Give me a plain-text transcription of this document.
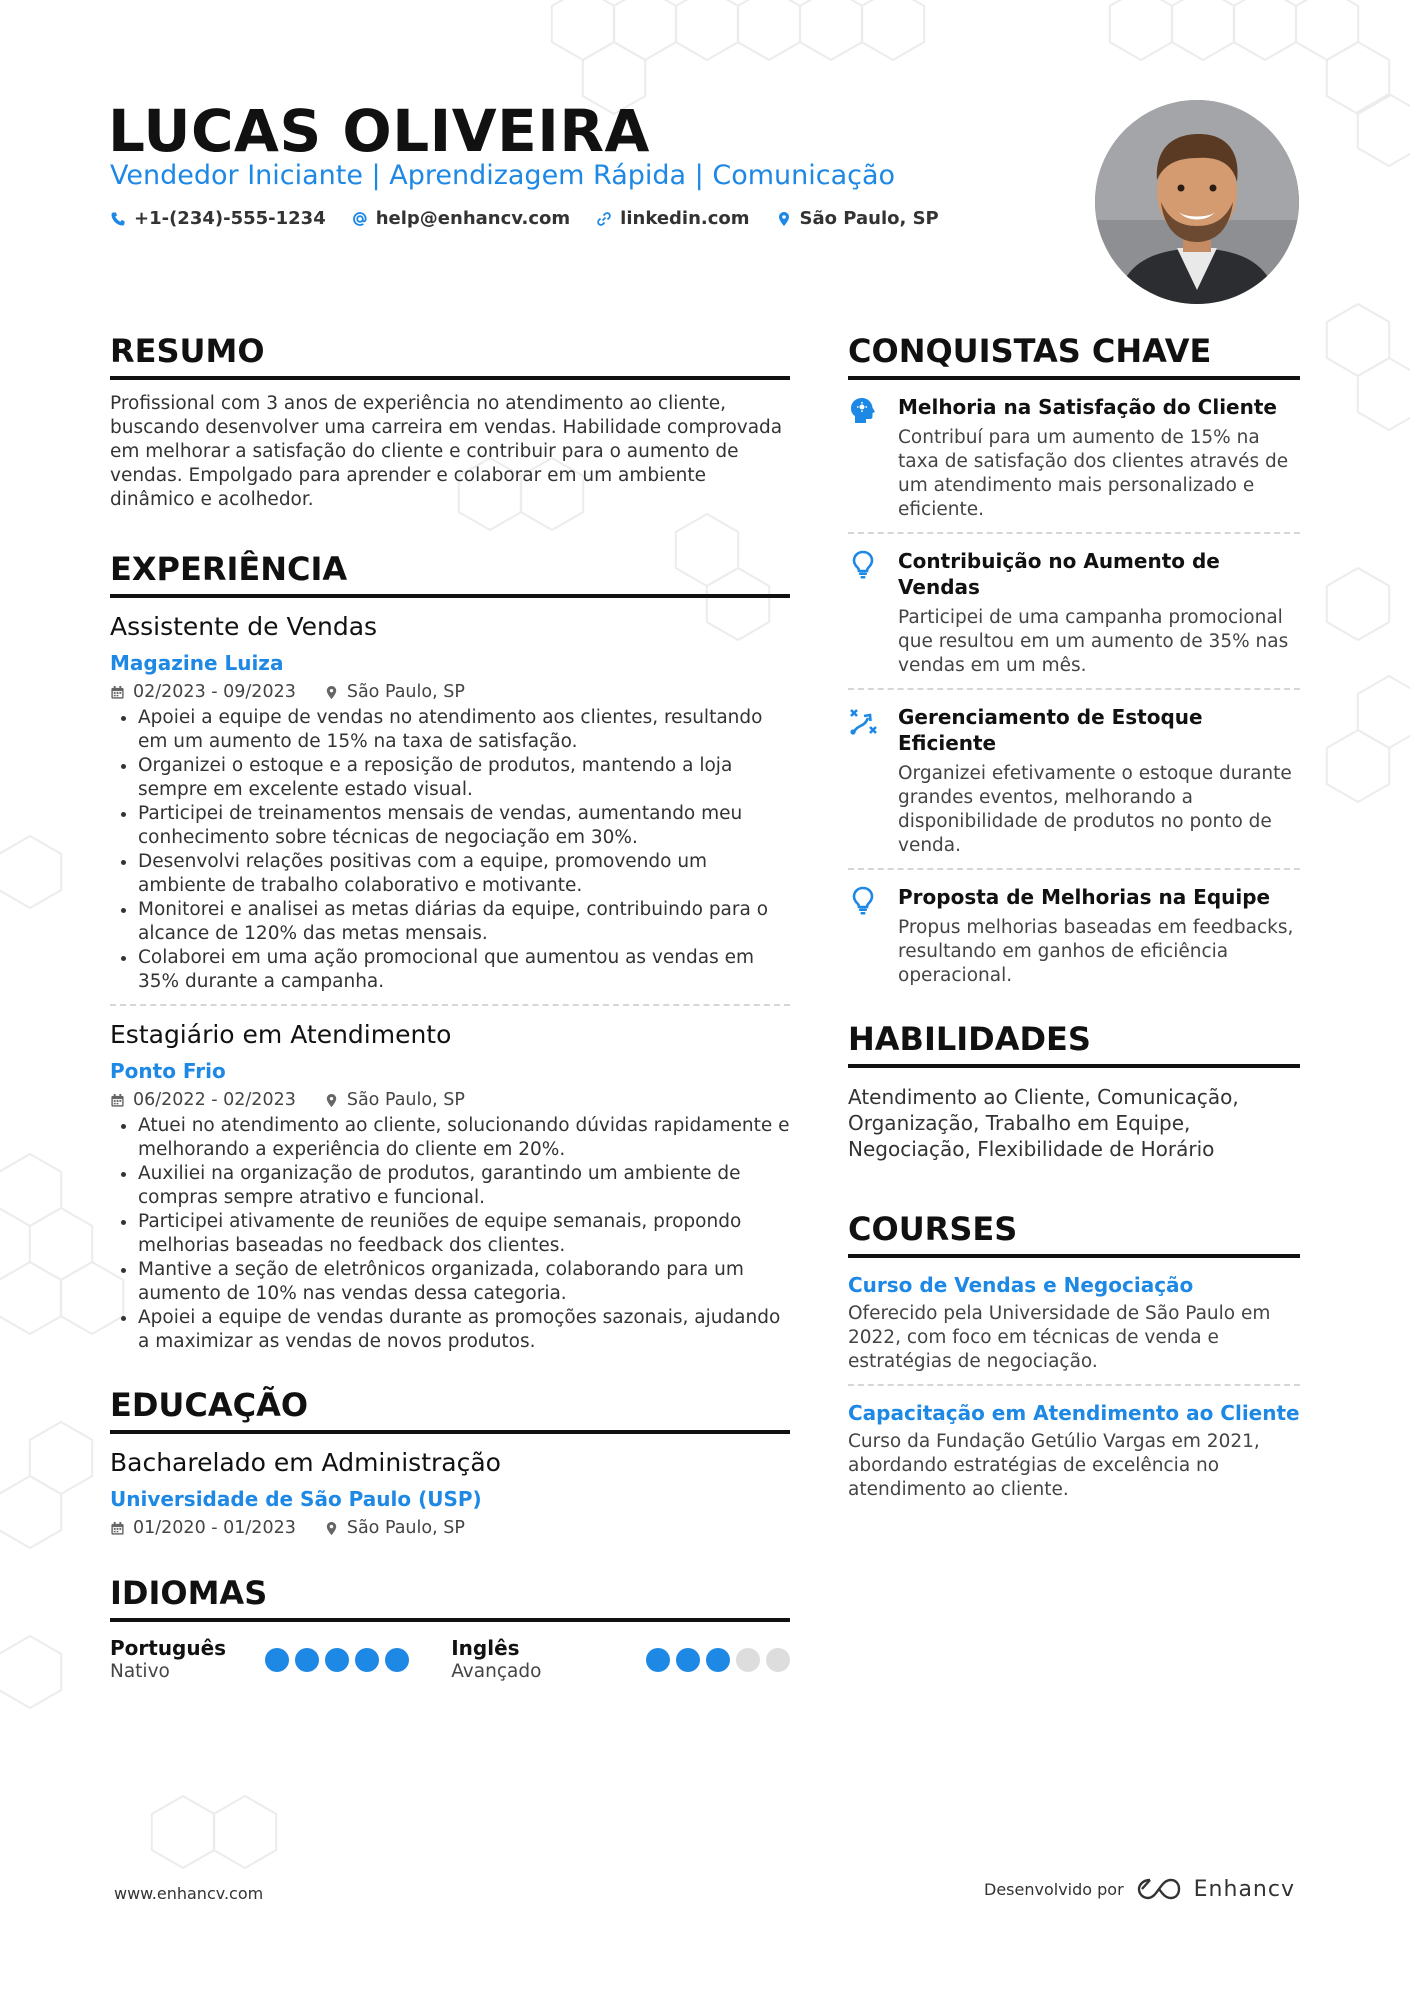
LUCAS OLIVEIRA
Vendedor Iniciante | Aprendizagem Rápida | Comunicação
+1-(234)-555-1234	help@enhancv.com	linkedin.com	São Paulo, SP
RESUMO

Profissional com 3 anos de experiência no atendimento ao cliente, buscando desenvolver uma carreira em vendas. Habilidade comprovada em melhorar a satisfação do cliente e contribuir para o aumento de vendas. Empolgado para aprender e colaborar em um ambiente dinâmico e acolhedor.

EXPERIÊNCIA
Assistente de Vendas
Magazine Luiza
02/2023 - 09/2023	São Paulo, SP
• Apoiei a equipe de vendas no atendimento aos clientes, resultando em um aumento de 15% na taxa de satisfação.
• Organizei o estoque e a reposição de produtos, mantendo a loja sempre em excelente estado visual.
• Participei de treinamentos mensais de vendas, aumentando meu conhecimento sobre técnicas de negociação em 30%.
• Desenvolvi relações positivas com a equipe, promovendo um ambiente de trabalho colaborativo e motivante.
• Monitorei e analisei as metas diárias da equipe, contribuindo para o alcance de 120% das metas mensais.
• Colaborei em uma ação promocional que aumentou as vendas em 35% durante a campanha.
Estagiário em Atendimento
Ponto Frio
06/2022 - 02/2023	São Paulo, SP
• Atuei no atendimento ao cliente, solucionando dúvidas rapidamente e melhorando a experiência do cliente em 20%.
• Auxiliei na organização de produtos, garantindo um ambiente de compras sempre atrativo e funcional.
• Participei ativamente de reuniões de equipe semanais, propondo melhorias baseadas no feedback dos clientes.
• Mantive a seção de eletrônicos organizada, colaborando para um aumento de 10% nas vendas dessa categoria.
• Apoiei a equipe de vendas durante as promoções sazonais, ajudando a maximizar as vendas de novos produtos.
EDUCAÇÃO
Bacharelado em Administração
Universidade de São Paulo (USP)
01/2020 - 01/2023	São Paulo, SP
IDIOMAS
Português
Nativo
Inglês
Avançado
CONQUISTAS CHAVE
Melhoria na Satisfação do Cliente
Contribuí para um aumento de 15% na taxa de satisfação dos clientes através de um atendimento mais personalizado e eficiente.
Contribuição no Aumento de Vendas
Participei de uma campanha promocional que resultou em um aumento de 35% nas vendas em um mês.
Gerenciamento de Estoque Eficiente
Organizei efetivamente o estoque durante grandes eventos, melhorando a disponibilidade de produtos no ponto de venda.
Proposta de Melhorias na Equipe
Propus melhorias baseadas em feedbacks, resultando em ganhos de eficiência operacional.
HABILIDADES
Atendimento ao Cliente, Comunicação, Organização, Trabalho em Equipe, Negociação, Flexibilidade de Horário
COURSES
Curso de Vendas e Negociação
Oferecido pela Universidade de São Paulo em 2022, com foco em técnicas de venda e estratégias de negociação.
Capacitação em Atendimento ao Cliente
Curso da Fundação Getúlio Vargas em 2021, abordando estratégias de excelência no atendimento ao cliente.
www.enhancv.com	Desenvolvido por	Enhancv
